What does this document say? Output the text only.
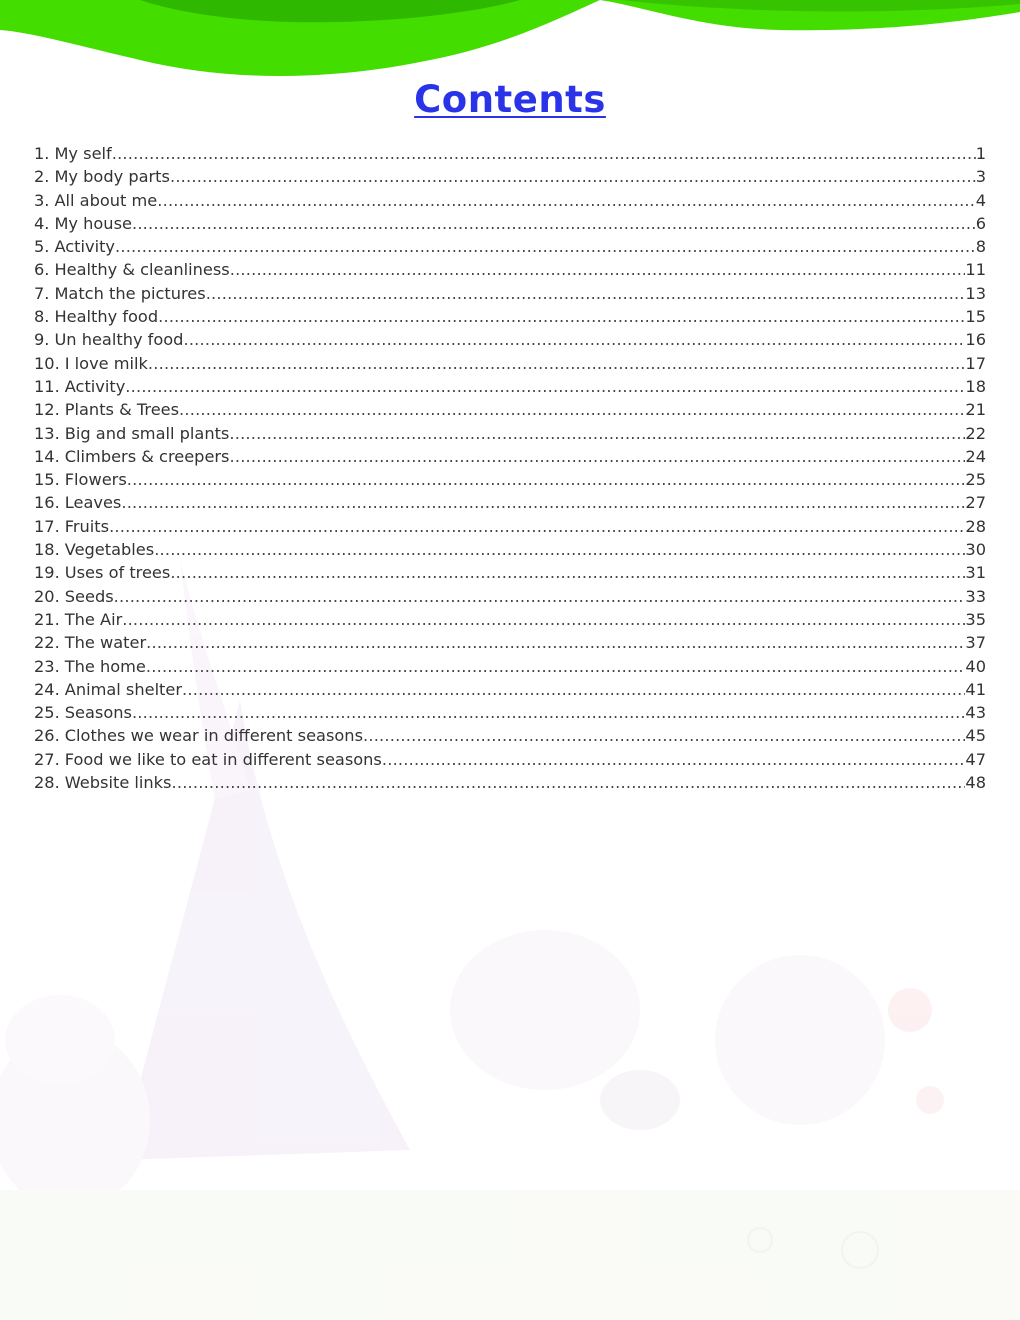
Contents
1. My self .....	1
2. My body parts .....	3
3. All about me .....	4
4. My house .....	6
5. Activity .....	8
6. Healthy & cleanliness .....	11
7. Match the pictures .....	13
8. Healthy food .....	15
9. Un healthy food .....	16
10. I love milk .....	17
11. Activity .....	18
12. Plants & Trees .....	21
13. Big and small plants .....	22
14. Climbers & creepers .....	24
15. Flowers .....	25
16. Leaves .....	27
17. Fruits .....	28
18. Vegetables .....	30
19. Uses of trees .....	31
20. Seeds .....	33
21. The Air .....	35
22. The water .....	37
23. The home .....	40
24. Animal shelter .....	41
25. Seasons .....	43
26. Clothes we wear in different seasons .....	45
27. Food we like to eat in different seasons .....	47
28. Website links .....	48
